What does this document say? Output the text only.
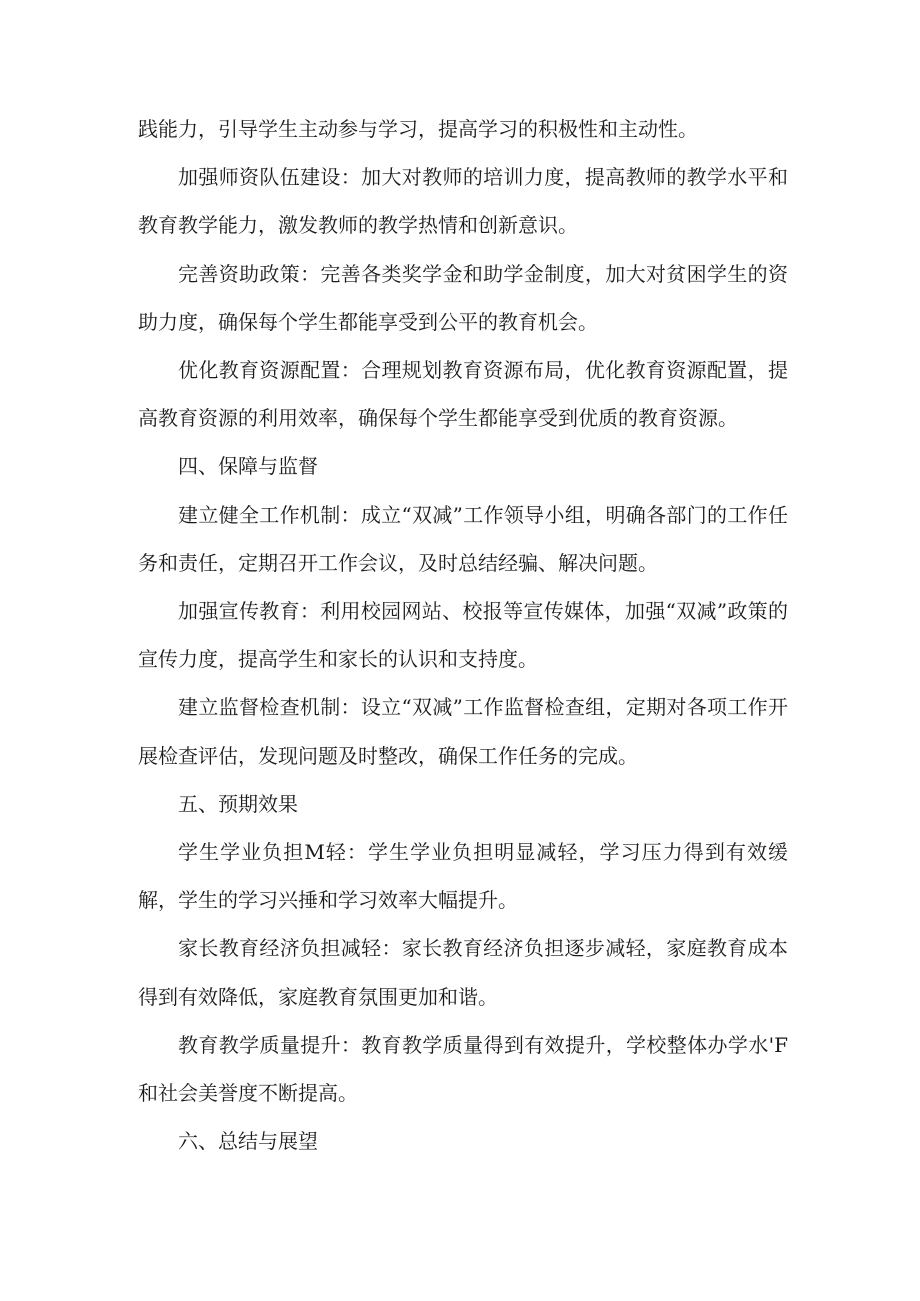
践能力，引导学生主动参与学习，提高学习的积极性和主动性。

加强师资队伍建设：加大对教师的培训力度，提高教师的教学水平和教育教学能力，激发教师的教学热情和创新意识。

完善资助政策：完善各类奖学金和助学金制度，加大对贫困学生的资助力度，确保每个学生都能享受到公平的教育机会。

优化教育资源配置：合理规划教育资源布局，优化教育资源配置，提高教育资源的利用效率，确保每个学生都能享受到优质的教育资源。

四、保障与监督

建立健全工作机制：成立“双减”工作领导小组，明确各部门的工作任务和责任，定期召开工作会议，及时总结经骗、解决问题。

加强宣传教育：利用校园网站、校报等宣传媒体，加强“双减”政策的宣传力度，提高学生和家长的认识和支持度。

建立监督检查机制：设立“双减”工作监督检查组，定期对各项工作开展检查评估，发现问题及时整改，确保工作任务的完成。

五、预期效果

学生学业负担M轻：学生学业负担明显减轻，学习压力得到有效缓解，学生的学习兴捶和学习效率大幅提升。

家长教育经济负担减轻：家长教育经济负担逐步减轻，家庭教育成本得到有效降低，家庭教育氛围更加和谐。

教育教学质量提升：教育教学质量得到有效提升，学校整体办学水'F和社会美誉度不断提高。

六、总结与展望
